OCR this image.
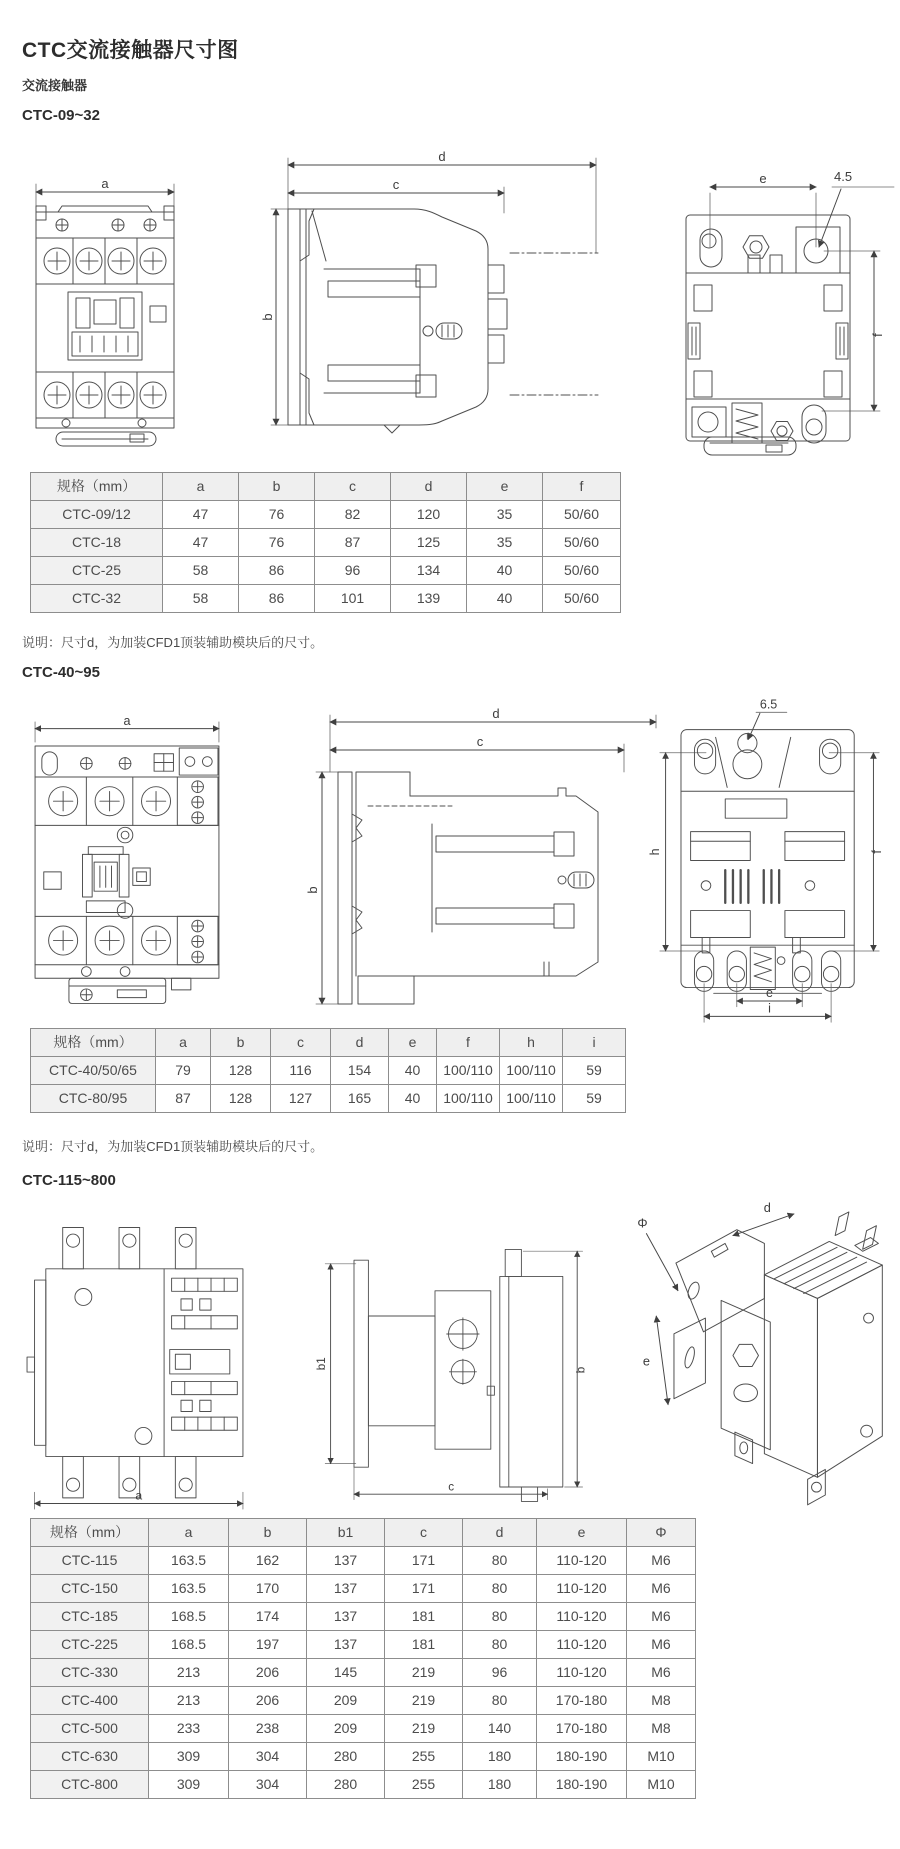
CTC交流接触器尺寸图
交流接触器
CTC-09~32
a
d
c
b
e	4.5
f
规格（mm）	a	b	c	d	e	f
CTC-09/12	47	76	82	120	35	50/60
CTC-18	47	76	87	125	35	50/60
CTC-25	58	86	96	134	40	50/60
CTC-32	58	86	101	139	40	50/60
说明：尺寸d，为加装CFD1顶装辅助模块后的尺寸。
CTC-40~95
a	d
c
b
6.5
h	f
e
i
规格（mm）	a	b	c	d	e	f	h	i
CTC-40/50/65	79	128	116	154	40	100/110	100/110	59
CTC-80/95	87	128	127	165	40	100/110	100/110	59
说明：尺寸d，为加装CFD1顶装辅助模块后的尺寸。
CTC-115~800
a
b1	b
c
Φ
d
e
规格（mm）	a	b	b1	c	d	e	Φ
CTC-115	163.5	162	137	171	80	110-120	M6
CTC-150	163.5	170	137	171	80	110-120	M6
CTC-185	168.5	174	137	181	80	110-120	M6
CTC-225	168.5	197	137	181	80	110-120	M6
CTC-330	213	206	145	219	96	110-120	M6
CTC-400	213	206	209	219	80	170-180	M8
CTC-500	233	238	209	219	140	170-180	M8
CTC-630	309	304	280	255	180	180-190	M10
CTC-800	309	304	280	255	180	180-190	M10
